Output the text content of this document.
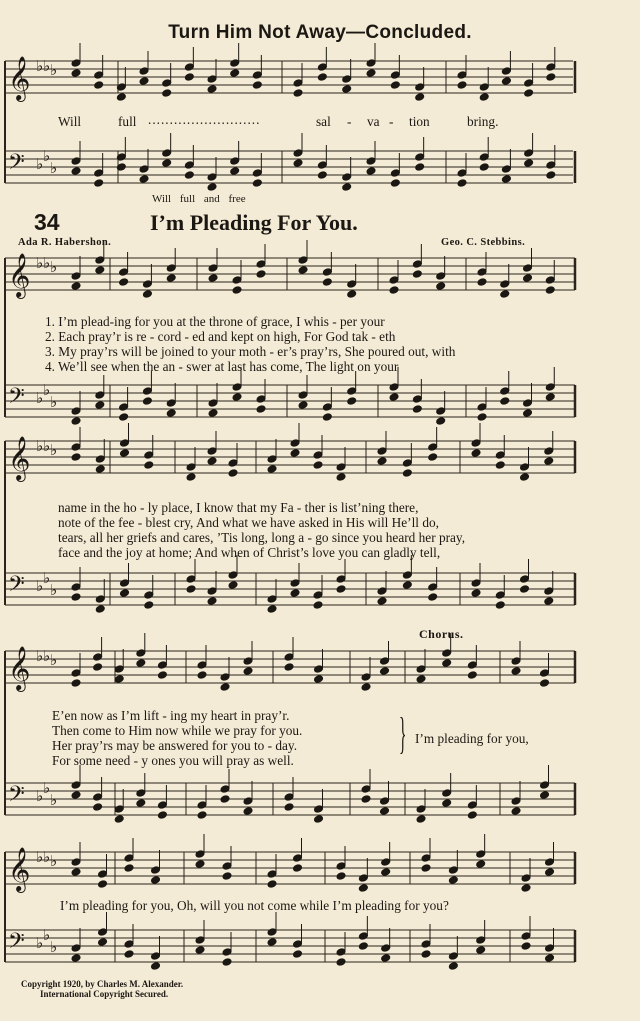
𝄞 ♭ ♭ ♭
𝄢 ♭ ♭
♭
𝄞 ♭ ♭ ♭
𝄢 ♭ ♭
♭
𝄞 ♭ ♭ ♭
𝄢 ♭ ♭
♭
𝄞 ♭ ♭ ♭
𝄢 ♭ ♭
♭
𝄞 ♭ ♭ ♭
𝄢 ♭ ♭
♭
Turn Him Not Away—Concluded.
Will	full ..........................	sal - va - tion	bring.
Will full and free
34	I’m Pleading For You.
Ada R. Habershon.	Geo. C. Stebbins.
1. I’m plead-ing for you at the throne of grace, I whis - per your
2. Each pray’r is re - cord - ed and kept on high, For God tak - eth
3. My pray’rs will be joined to your moth - er’s pray’rs, She poured out, with
4. We’ll see when the an - swer at last has come, The light on your
name in the ho - ly place, I know that my Fa - ther is list’ning there,
note of the fee - blest cry, And what we have asked in His will He’ll do,
tears, all her griefs and cares, ’Tis long, long a - go since you heard her pray,
face and the joy at home; And when of Christ’s love you can gladly tell,
Chorus.
E’en now as I’m lift - ing my heart in pray’r.
Then come to Him now while we pray for you.
Her pray’rs may be answered for you to - day.
For some need - y ones you will pray as well.
} I’m pleading for you,
I’m pleading for you, Oh, will you not come while I’m pleading for you?
Copyright 1920, by Charles M. Alexander.
International Copyright Secured.
